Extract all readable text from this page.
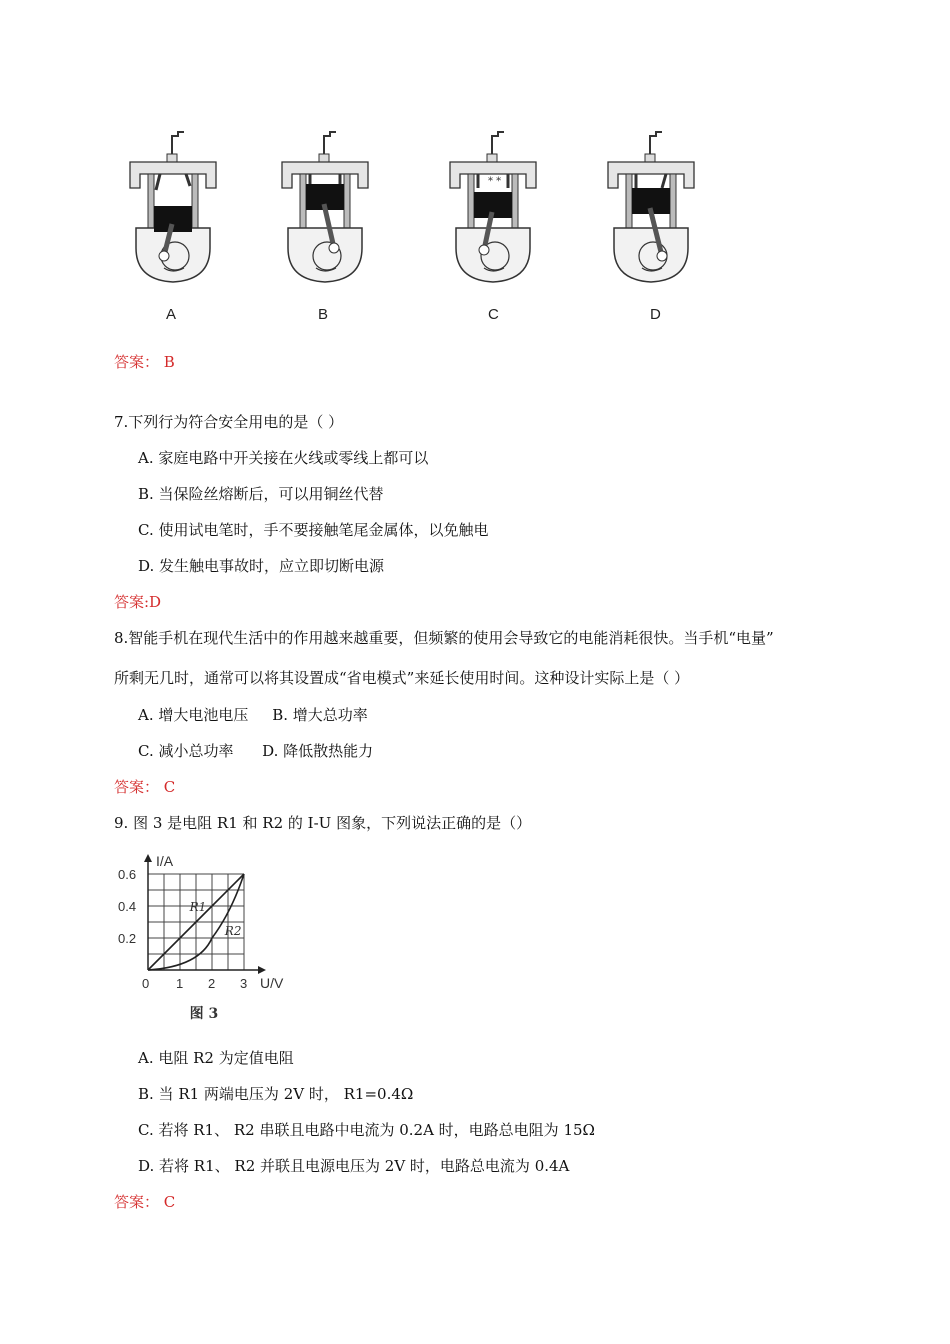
* *
A	B	C	D
答案： B
7.下列行为符合安全用电的是（ ）
A. 家庭电路中开关接在火线或零线上都可以
B. 当保险丝熔断后，可以用铜丝代替
C. 使用试电笔时，手不要接触笔尾金属体，以免触电
D. 发生触电事故时，应立即切断电源
答案:D
8.智能手机在现代生活中的作用越来越重要，但频繁的使用会导致它的电能消耗很快。当手机“电量”
所剩无几时，通常可以将其设置成“省电模式”来延长使用时间。这种设计实际上是（ ）
A. 增大电池电压     B. 增大总功率
C. 减小总功率      D. 降低散热能力
答案： C
9. 图 3 是电阻 R1 和 R2 的 I-U 图象，下列说法正确的是（）
I/A
U/V
0.6
0.4
0.2
0 1 2 3
R1
R2
图 3
A. 电阻 R2 为定值电阻
B. 当 R1 两端电压为 2V 时， R1=0.4Ω
C. 若将 R1、 R2 串联且电路中电流为 0.2A 时，电路总电阻为 15Ω
D. 若将 R1、 R2 并联且电源电压为 2V 时，电路总电流为 0.4A
答案： C
